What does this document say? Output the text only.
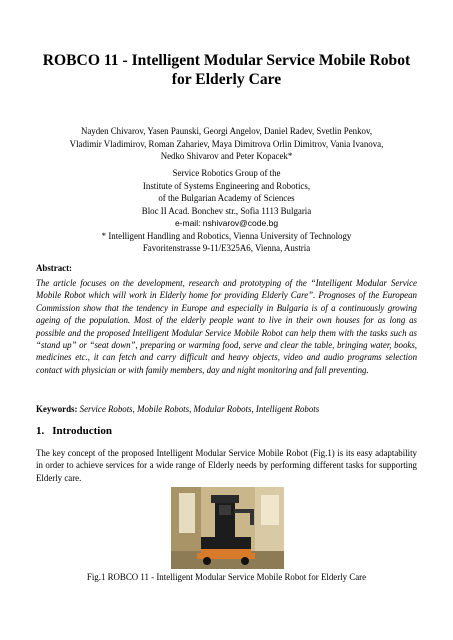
ROBCO 11 - Intelligent Modular Service Mobile Robot
for Elderly Care

Nayden Chivarov, Yasen Paunski, Georgi Angelov, Daniel Radev, Svetlin Penkov,
Vladimir Vladimirov, Roman Zahariev, Maya Dimitrova Orlin Dimitrov, Vania Ivanova,
Nedko Shivarov and Peter Kopacek*

Service Robotics Group of the
Institute of Systems Engineering and Robotics,
of the Bulgarian Academy of Sciences
Bloc II Acad. Bonchev str., Sofia 1113 Bulgaria
e-mail: nshivarov@code.bg
* Intelligent Handling and Robotics, Vienna University of Technology
Favoritenstrasse 9-11/E325A6, Vienna, Austria

Abstract:

The article focuses on the development, research and prototyping of the “Intelligent Modular Service Mobile Robot which will work in Elderly home for providing Elderly Care”. Prognoses of the European Commission show that the tendency in Europe and especially in Bulgaria is of a continuously growing ageing of the population. Most of the elderly people want to live in their own houses for as long as possible and the proposed Intelligent Modular Service Mobile Robot can help them with the tasks such as “stand up” or “seat down”, preparing or warming food, serve and clear the table, bringing water, books, medicines etc., it can fetch and carry difficult and heavy objects, video and audio programs selection contact with physician or with family members, day and night monitoring and fall preventing.

Keywords: Service Robots, Mobile Robots, Modular Robots, Intelligent Robots

1. Introduction

The key concept of the proposed Intelligent Modular Service Mobile Robot (Fig.1) is its easy adaptability in order to achieve services for a wide range of Elderly needs by performing different tasks for supporting Elderly care.

Fig.1 ROBCO 11 - Intelligent Modular Service Mobile Robot for Elderly Care
